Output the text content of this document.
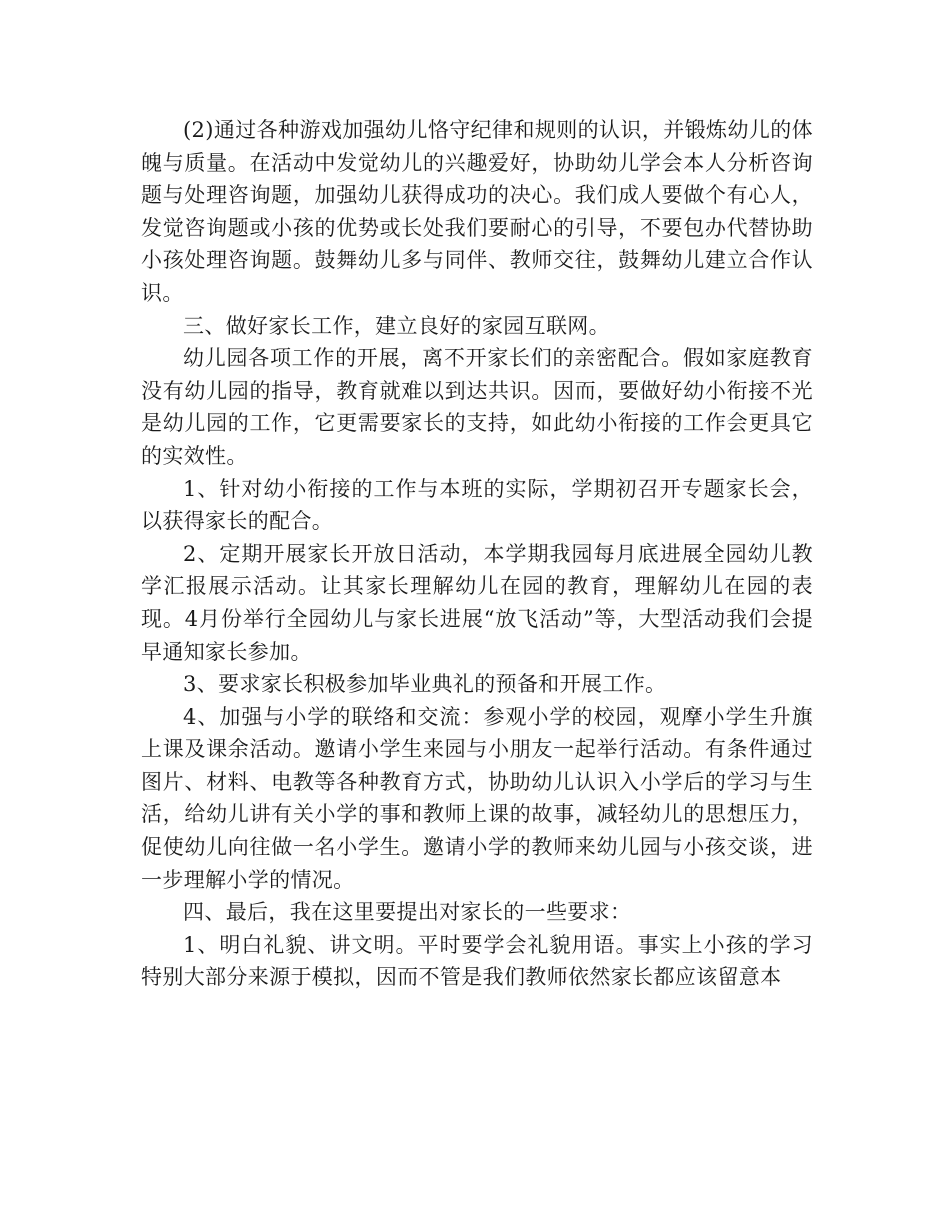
(2)通过各种游戏加强幼儿恪守纪律和规则的认识，并锻炼幼儿的体魄与质量。在活动中发觉幼儿的兴趣爱好，协助幼儿学会本人分析咨询题与处理咨询题，加强幼儿获得成功的决心。我们成人要做个有心人，发觉咨询题或小孩的优势或长处我们要耐心的引导，不要包办代替协助小孩处理咨询题。鼓舞幼儿多与同伴、教师交往，鼓舞幼儿建立合作认识。

三、做好家长工作，建立良好的家园互联网。

幼儿园各项工作的开展，离不开家长们的亲密配合。假如家庭教育没有幼儿园的指导，教育就难以到达共识。因而，要做好幼小衔接不光是幼儿园的工作，它更需要家长的支持，如此幼小衔接的工作会更具它的实效性。

1、针对幼小衔接的工作与本班的实际，学期初召开专题家长会，以获得家长的配合。

2、定期开展家长开放日活动，本学期我园每月底进展全园幼儿教学汇报展示活动。让其家长理解幼儿在园的教育，理解幼儿在园的表现。4月份举行全园幼儿与家长进展“放飞活动”等，大型活动我们会提早通知家长参加。

3、要求家长积极参加毕业典礼的预备和开展工作。

4、加强与小学的联络和交流：参观小学的校园，观摩小学生升旗上课及课余活动。邀请小学生来园与小朋友一起举行活动。有条件通过图片、材料、电教等各种教育方式，协助幼儿认识入小学后的学习与生活，给幼儿讲有关小学的事和教师上课的故事，减轻幼儿的思想压力，促使幼儿向往做一名小学生。邀请小学的教师来幼儿园与小孩交谈，进一步理解小学的情况。

四、最后，我在这里要提出对家长的一些要求：

1、明白礼貌、讲文明。平时要学会礼貌用语。事实上小孩的学习特别大部分来源于模拟，因而不管是我们教师依然家长都应该留意本
